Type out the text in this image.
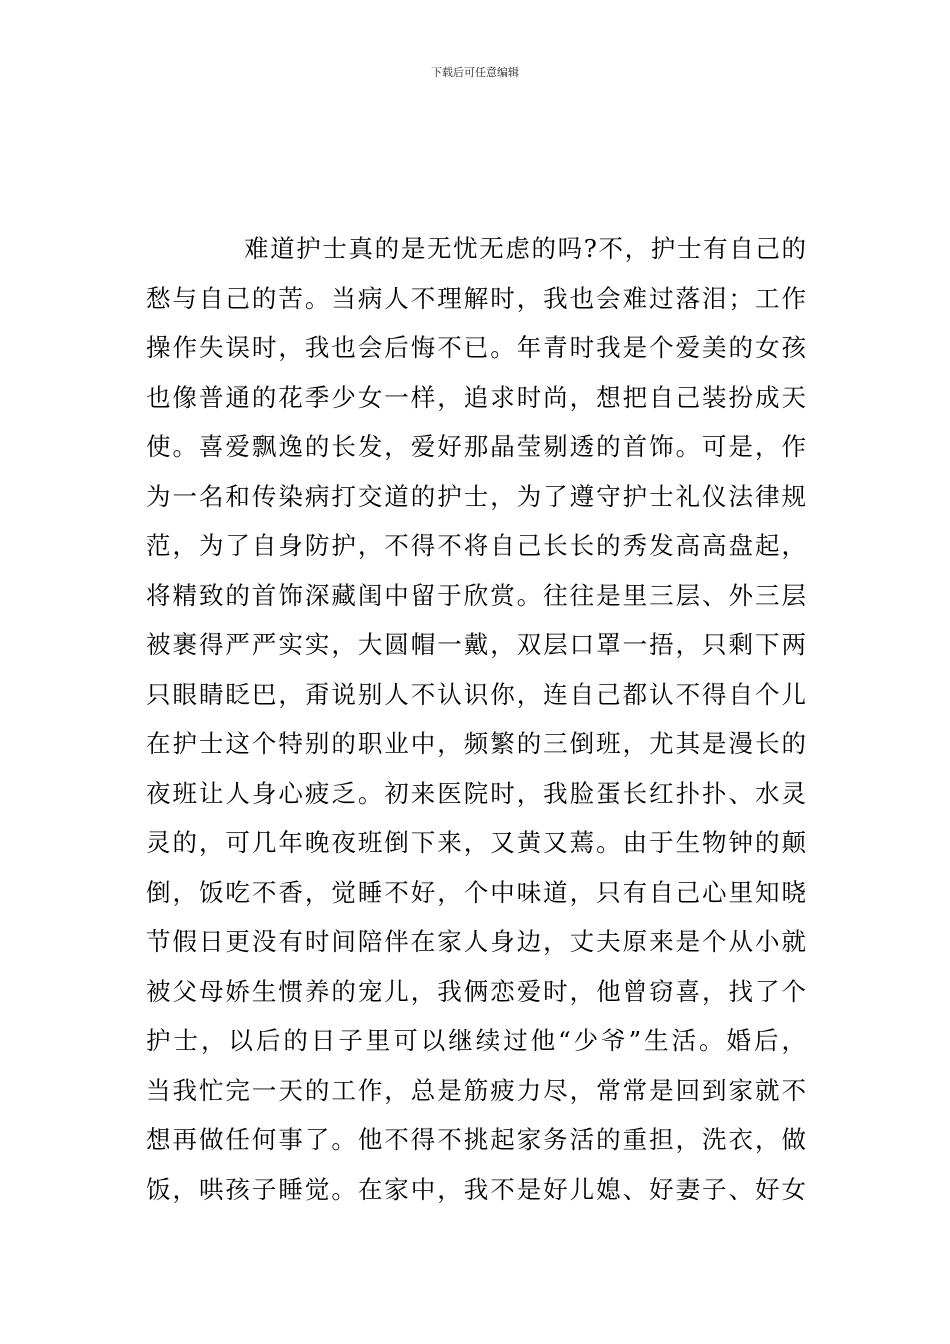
下载后可任意编辑
难道护士真的是无忧无虑的吗?不，护士有自己的
愁与自己的苦。当病人不理解时，我也会难过落泪；工作
操作失误时，我也会后悔不已。年青时我是个爱美的女孩
也像普通的花季少女一样，追求时尚，想把自己装扮成天
使。喜爱飘逸的长发，爱好那晶莹剔透的首饰。可是，作
为一名和传染病打交道的护士，为了遵守护士礼仪法律规
范，为了自身防护，不得不将自己长长的秀发高高盘起，
将精致的首饰深藏闺中留于欣赏。往往是里三层、外三层
被裹得严严实实，大圆帽一戴，双层口罩一捂，只剩下两
只眼睛眨巴，甭说别人不认识你，连自己都认不得自个儿
在护士这个特别的职业中，频繁的三倒班，尤其是漫长的
夜班让人身心疲乏。初来医院时，我脸蛋长红扑扑、水灵
灵的，可几年晚夜班倒下来，又黄又蔫。由于生物钟的颠
倒，饭吃不香，觉睡不好，个中味道，只有自己心里知晓
节假日更没有时间陪伴在家人身边，丈夫原来是个从小就
被父母娇生惯养的宠儿，我俩恋爱时，他曾窃喜，找了个
护士，以后的日子里可以继续过他“少爷”生活。婚后，
当我忙完一天的工作，总是筋疲力尽，常常是回到家就不
想再做任何事了。他不得不挑起家务活的重担，洗衣，做
饭，哄孩子睡觉。在家中，我不是好儿媳、好妻子、好女
